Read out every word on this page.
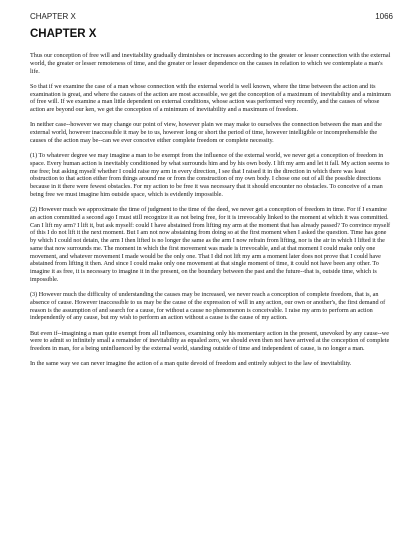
CHAPTER X	1066
CHAPTER X

Thus our conception of free will and inevitability gradually diminishes or increases according to the greater or lesser connection with the external world, the greater or lesser remoteness of time, and the greater or lesser dependence on the causes in relation to which we contemplate a man's life.

So that if we examine the case of a man whose connection with the external world is well known, where the time between the action and its examination is great, and where the causes of the action are most accessible, we get the conception of a maximum of inevitability and a minimum of free will. If we examine a man little dependent on external conditions, whose action was performed very recently, and the causes of whose action are beyond our ken, we get the conception of a minimum of inevitability and a maximum of freedom.

In neither case--however we may change our point of view, however plain we may make to ourselves the connection between the man and the external world, however inaccessible it may be to us, however long or short the period of time, however intelligible or incomprehensible the causes of the action may be--can we ever conceive either complete freedom or complete necessity.

(1) To whatever degree we may imagine a man to be exempt from the influence of the external world, we never get a conception of freedom in space. Every human action is inevitably conditioned by what surrounds him and by his own body. I lift my arm and let it fall. My action seems to me free; but asking myself whether I could raise my arm in every direction, I see that I raised it in the direction in which there was least obstruction to that action either from things around me or from the construction of my own body. I chose one out of all the possible directions because in it there were fewest obstacles. For my action to be free it was necessary that it should encounter no obstacles. To conceive of a man being free we must imagine him outside space, which is evidently impossible.

(2) However much we approximate the time of judgment to the time of the deed, we never get a conception of freedom in time. For if I examine an action committed a second ago I must still recognize it as not being free, for it is irrevocably linked to the moment at which it was committed. Can I lift my arm? I lift it, but ask myself: could I have abstained from lifting my arm at the moment that has already passed? To convince myself of this I do not lift it the next moment. But I am not now abstaining from doing so at the first moment when I asked the question. Time has gone by which I could not detain, the arm I then lifted is no longer the same as the arm I now refrain from lifting, nor is the air in which I lifted it the same that now surrounds me. The moment in which the first movement was made is irrevocable, and at that moment I could make only one movement, and whatever movement I made would be the only one. That I did not lift my arm a moment later does not prove that I could have abstained from lifting it then. And since I could make only one movement at that single moment of time, it could not have been any other. To imagine it as free, it is necessary to imagine it in the present, on the boundary between the past and the future--that is, outside time, which is impossible.

(3) However much the difficulty of understanding the causes may be increased, we never reach a conception of complete freedom, that is, an absence of cause. However inaccessible to us may be the cause of the expression of will in any action, our own or another's, the first demand of reason is the assumption of and search for a cause, for without a cause no phenomenon is conceivable. I raise my arm to perform an action independently of any cause, but my wish to perform an action without a cause is the cause of my action.

But even if--imagining a man quite exempt from all influences, examining only his momentary action in the present, unevoked by any cause--we were to admit so infinitely small a remainder of inevitability as equaled zero, we should even then not have arrived at the conception of complete freedom in man, for a being uninfluenced by the external world, standing outside of time and independent of cause, is no longer a man.

In the same way we can never imagine the action of a man quite devoid of freedom and entirely subject to the law of inevitability.
